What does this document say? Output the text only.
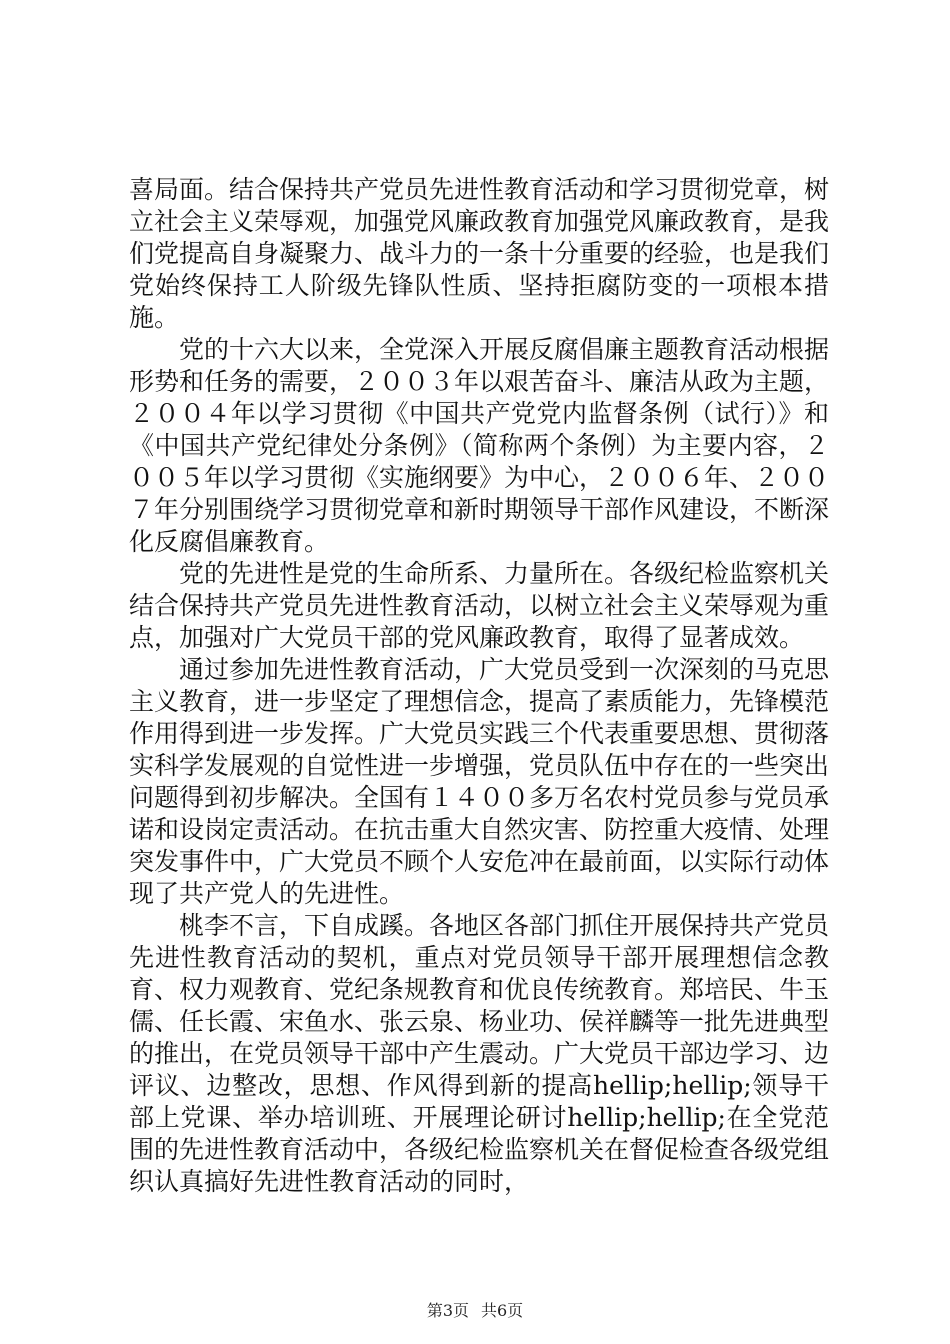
喜局面。结合保持共产党员先进性教育活动和学习贯彻党章，树立社会主义荣辱观，加强党风廉政教育加强党风廉政教育，是我们党提高自身凝聚力、战斗力的一条十分重要的经验，也是我们党始终保持工人阶级先锋队性质、坚持拒腐防变的一项根本措施。

党的十六大以来，全党深入开展反腐倡廉主题教育活动根据形势和任务的需要，２００３年以艰苦奋斗、廉洁从政为主题，２００４年以学习贯彻《中国共产党党内监督条例（试行）》和《中国共产党纪律处分条例》（简称两个条例）为主要内容，２００５年以学习贯彻《实施纲要》为中心，２００６年、２００７年分别围绕学习贯彻党章和新时期领导干部作风建设，不断深化反腐倡廉教育。

党的先进性是党的生命所系、力量所在。各级纪检监察机关结合保持共产党员先进性教育活动，以树立社会主义荣辱观为重点，加强对广大党员干部的党风廉政教育，取得了显著成效。

通过参加先进性教育活动，广大党员受到一次深刻的马克思主义教育，进一步坚定了理想信念，提高了素质能力，先锋模范作用得到进一步发挥。广大党员实践三个代表重要思想、贯彻落实科学发展观的自觉性进一步增强，党员队伍中存在的一些突出问题得到初步解决。全国有１４００多万名农村党员参与党员承诺和设岗定责活动。在抗击重大自然灾害、防控重大疫情、处理突发事件中，广大党员不顾个人安危冲在最前面，以实际行动体现了共产党人的先进性。

桃李不言，下自成蹊。各地区各部门抓住开展保持共产党员先进性教育活动的契机，重点对党员领导干部开展理想信念教育、权力观教育、党纪条规教育和优良传统教育。郑培民、牛玉儒、任长霞、宋鱼水、张云泉、杨业功、侯祥麟等一批先进典型的推出，在党员领导干部中产生震动。广大党员干部边学习、边评议、边整改，思想、作风得到新的提高hellip;hellip;领导干部上党课、举办培训班、开展理论研讨hellip;hellip;在全党范围的先进性教育活动中，各级纪检监察机关在督促检查各级党组织认真搞好先进性教育活动的同时，

第3页 共6页
